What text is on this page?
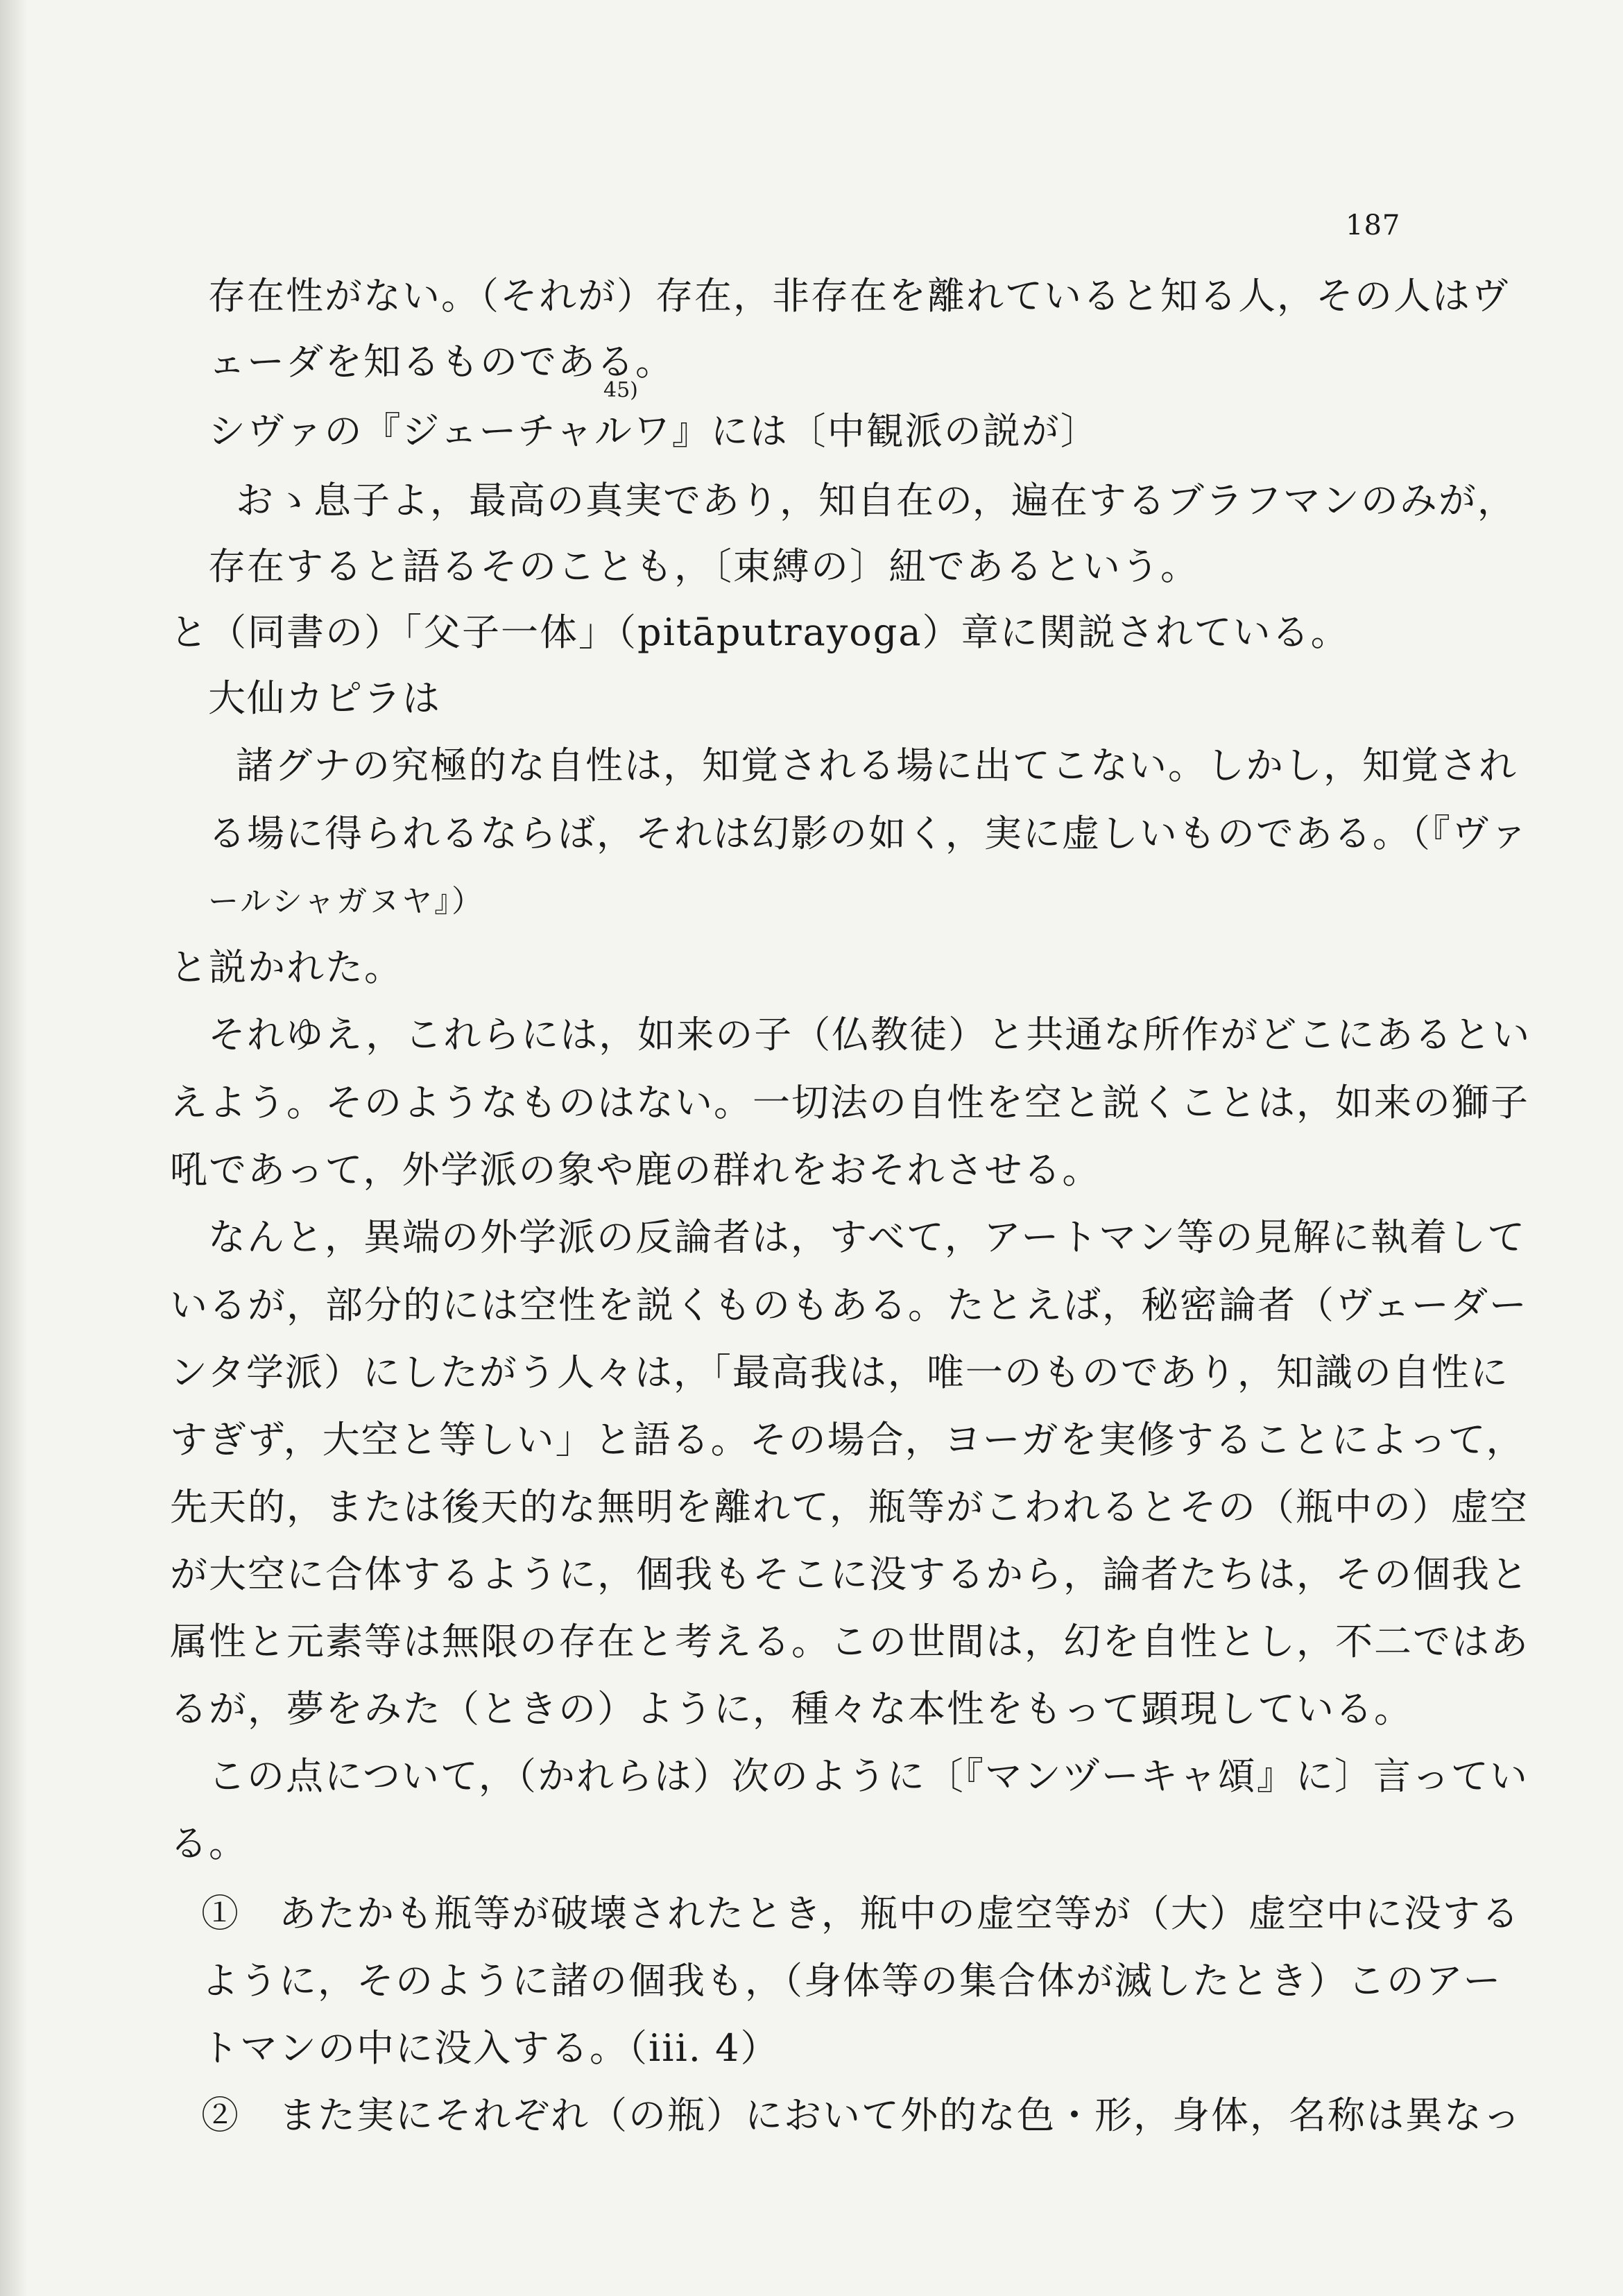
187
存在性がない。（それが）存在，非存在を離れていると知る人，その人はヴ
ェーダを知るものである。
45)
シヴァの『ジェーチャルワ』には〔中観派の説が〕
おゝ息子よ，最高の真実であり，知自在の，遍在するブラフマンのみが，
存在すると語るそのことも，〔束縛の〕紐であるという。
と（同書の）「父子一体」（pitāputrayoga）章に関説されている。
大仙カピラは
諸グナの究極的な自性は，知覚される場に出てこない。しかし，知覚され
る場に得られるならば，それは幻影の如く，実に虚しいものである。（『ヴァ
ールシャガヌヤ』）
と説かれた。
それゆえ，これらには，如来の子（仏教徒）と共通な所作がどこにあるとい
えよう。そのようなものはない。一切法の自性を空と説くことは，如来の獅子
吼であって，外学派の象や鹿の群れをおそれさせる。
なんと，異端の外学派の反論者は，すべて，アートマン等の見解に執着して
いるが，部分的には空性を説くものもある。たとえば，秘密論者（ヴェーダー
ンタ学派）にしたがう人々は，「最高我は，唯一のものであり，知識の自性に
すぎず，大空と等しい」と語る。その場合，ヨーガを実修することによって，
先天的，または後天的な無明を離れて，瓶等がこわれるとその（瓶中の）虚空
が大空に合体するように，個我もそこに没するから，論者たちは，その個我と
属性と元素等は無限の存在と考える。この世間は，幻を自性とし，不二ではあ
るが，夢をみた（ときの）ように，種々な本性をもって顕現している。
この点について，（かれらは）次のように〔『マンヅーキャ頌』に〕言ってい
る。
①　あたかも瓶等が破壊されたとき，瓶中の虚空等が（大）虚空中に没する
ように，そのように諸の個我も，（身体等の集合体が滅したとき）このアー
トマンの中に没入する。（iii. 4）
②　また実にそれぞれ（の瓶）において外的な色・形，身体，名称は異なっ
